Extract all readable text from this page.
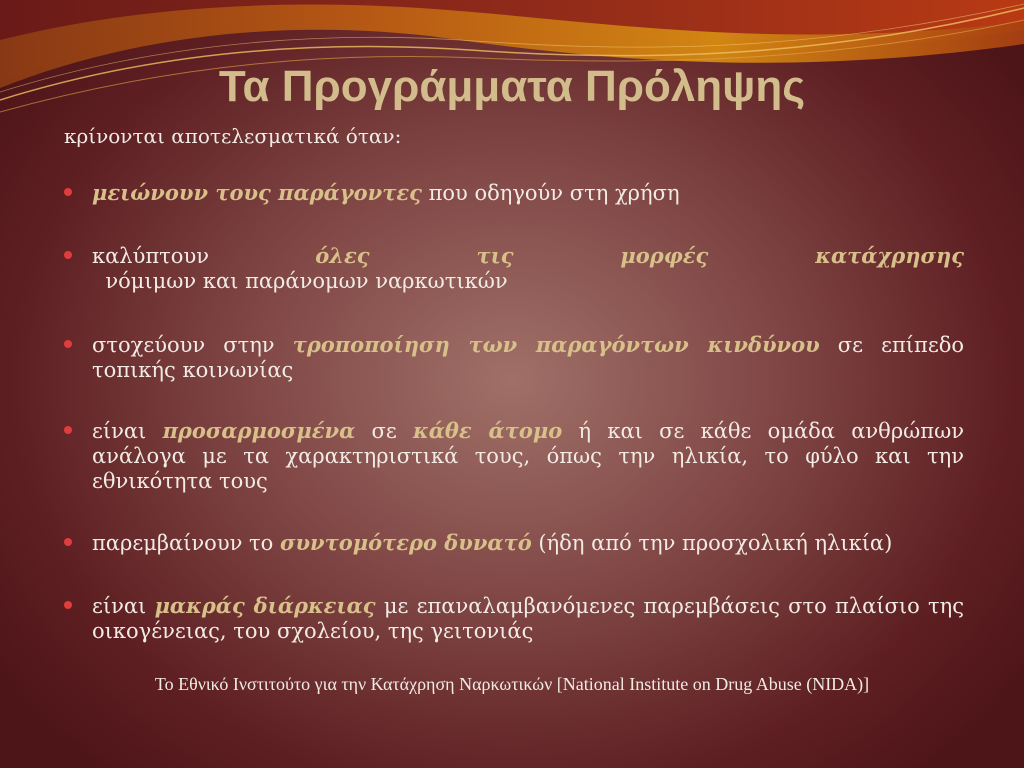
Τα Προγράμματα Πρόληψης
κρίνονται αποτελεσματικά όταν:
μειώνουν τους παράγοντες που οδηγούν στη χρήση
καλύπτουν όλες τις μορφές κατάχρησης  νόμιμων και παράνομων ναρκωτικών
στοχεύουν στην τροποποίηση των παραγόντων κινδύνου σε επίπεδο τοπικής κοινωνίας
είναι προσαρμοσμένα σε κάθε άτομο ή και σε κάθε ομάδα ανθρώπων ανάλογα με τα χαρακτηριστικά τους, όπως την ηλικία, το φύλο και την εθνικότητα τους
παρεμβαίνουν το συντομότερο δυνατό (ήδη από την προσχολική ηλικία)
είναι μακράς διάρκειας με επαναλαμβανόμενες παρεμβάσεις στο πλαίσιο της οικογένειας, του σχολείου, της γειτονιάς
Το Εθνικό Ινστιτούτο για την Κατάχρηση Ναρκωτικών [National Institute on Drug Abuse (NIDA)]
